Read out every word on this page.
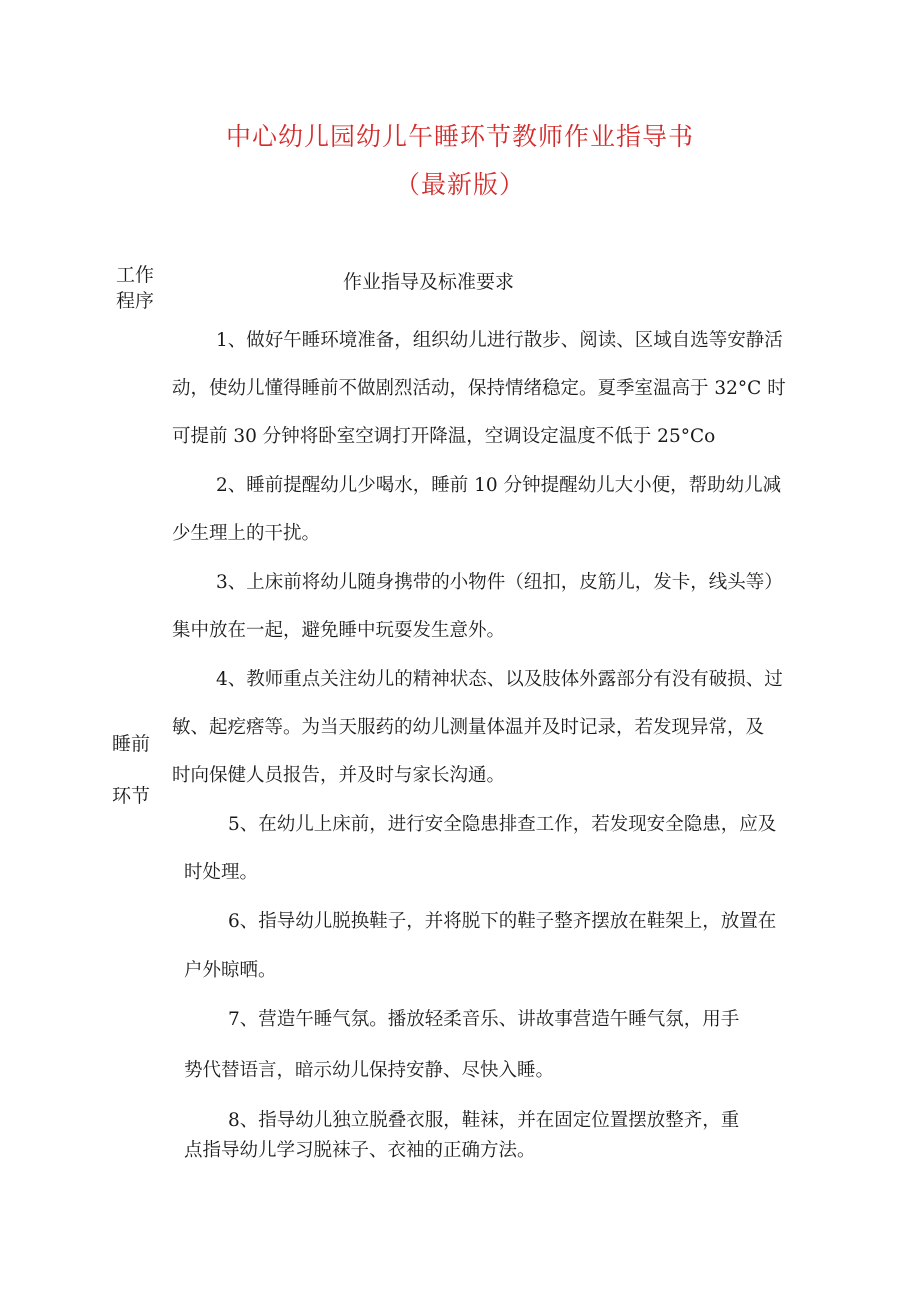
中心幼儿园幼儿午睡环节教师作业指导书
（最新版）
工作
程序
作业指导及标准要求
睡前
环节
1、做好午睡环境准备，组织幼儿进行散步、阅读、区域自选等安静活
动，使幼儿懂得睡前不做剧烈活动，保持情绪稳定。夏季室温高于 32°C 时
可提前 30 分钟将卧室空调打开降温，空调设定温度不低于 25°Co
2、睡前提醒幼儿少喝水，睡前 10 分钟提醒幼儿大小便，帮助幼儿减
少生理上的干扰。
3、上床前将幼儿随身携带的小物件（纽扣，皮筋儿，发卡，线头等）
集中放在一起，避免睡中玩耍发生意外。
4、教师重点关注幼儿的精神状态、以及肢体外露部分有没有破损、过
敏、起疙瘩等。为当天服药的幼儿测量体温并及时记录，若发现异常，及
时向保健人员报告，并及时与家长沟通。
5、在幼儿上床前，进行安全隐患排查工作，若发现安全隐患，应及
时处理。
6、指导幼儿脱换鞋子，并将脱下的鞋子整齐摆放在鞋架上，放置在
户外晾晒。
7、营造午睡气氛。播放轻柔音乐、讲故事营造午睡气氛，用手
势代替语言，暗示幼儿保持安静、尽快入睡。
8、指导幼儿独立脱叠衣服，鞋袜，并在固定位置摆放整齐，重
点指导幼儿学习脱袜子、衣袖的正确方法。
